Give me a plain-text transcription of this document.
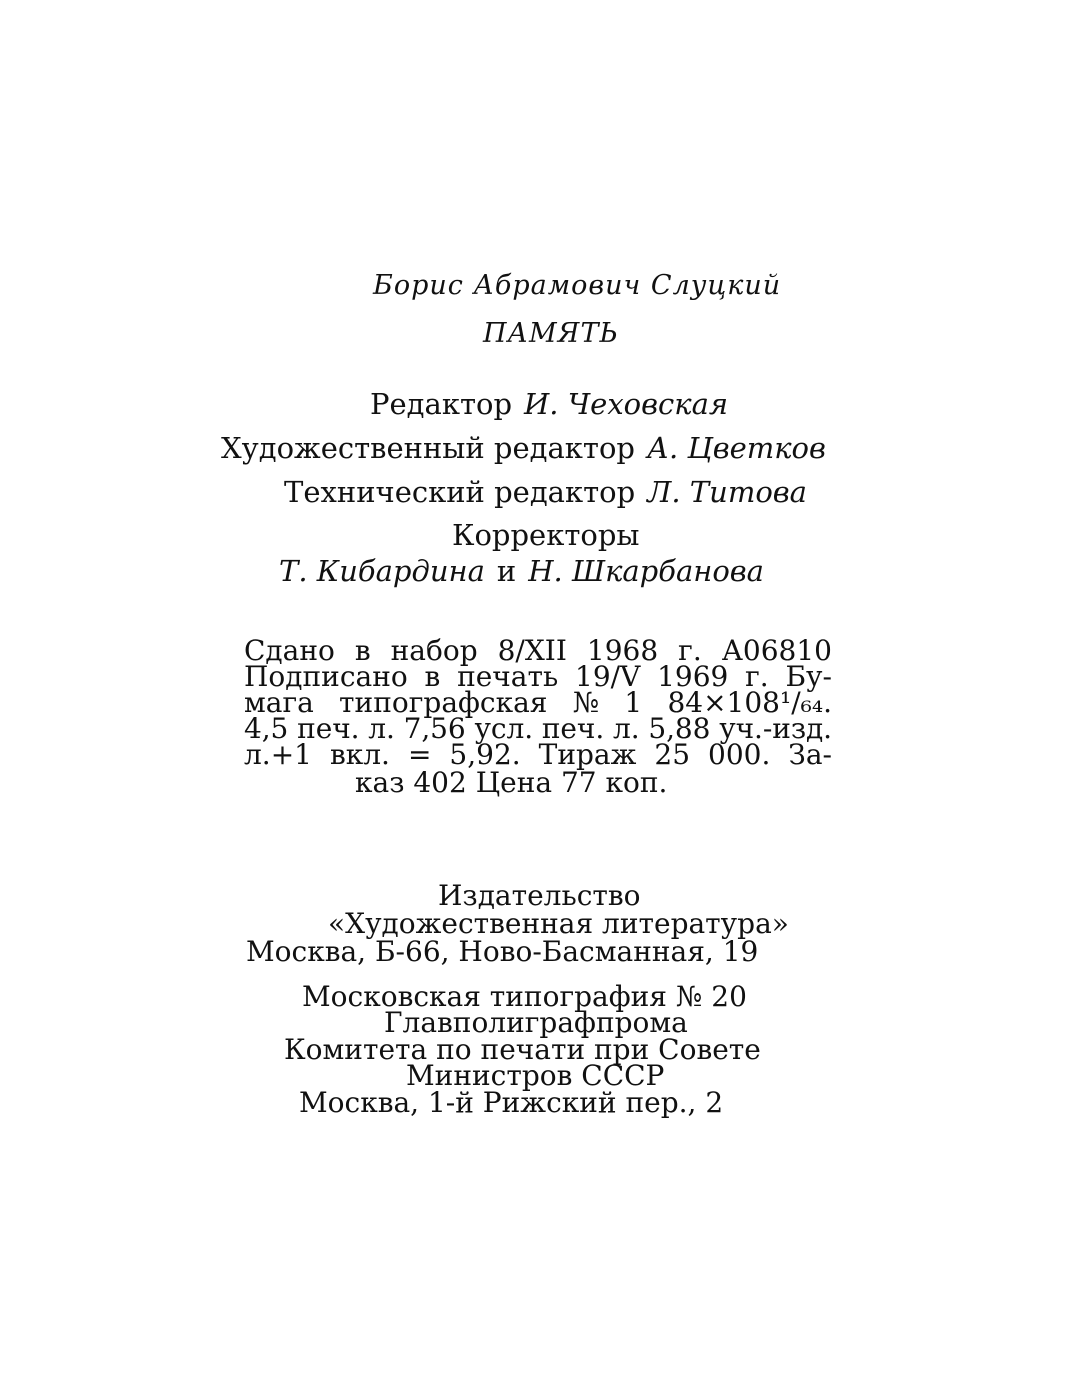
Борис Абрамович Слуцкий
ПАМЯТЬ
Редактор И. Чеховская
Художественный редактор А. Цветков
Технический редактор Л. Титова
Корректоры
Т. Кибардина и Н. Шкарбанова
Сдано в набор 8/XII 1968 г. А06810
Подписано в печать 19/V 1969 г. Бу-
мага типографская № 1 84×108¹/₆₄.
4,5 печ. л. 7,56 усл. печ. л. 5,88 уч.-изд.
л.+1 вкл. = 5,92. Тираж 25 000. За-
каз 402 Цена 77 коп.
Издательство
«Художественная литература»
Москва, Б-66, Ново-Басманная, 19
Московская типография № 20
Главполиграфпрома
Комитета по печати при Совете
Министров СССР
Москва, 1-й Рижский пер., 2
